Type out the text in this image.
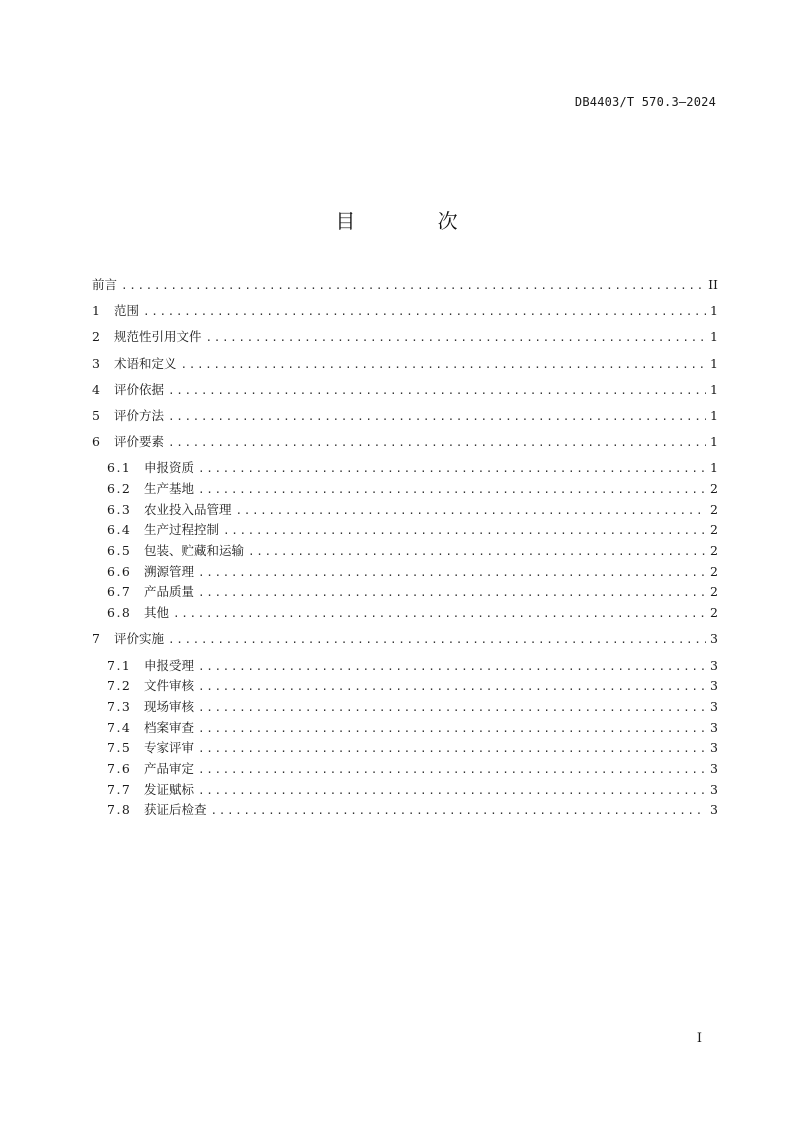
DB4403/T 570.3—2024
目 次
前言 .....	II
1	范围 .....	1
2	规范性引用文件 .....	1
3	术语和定义 .....	1
4	评价依据 .....	1
5	评价方法 .....	1
6	评价要素 .....	1
6.1	申报资质 .....	1
6.2	生产基地 .....	2
6.3	农业投入品管理 .....	2
6.4	生产过程控制 .....	2
6.5	包装、贮藏和运输 .....	2
6.6	溯源管理 .....	2
6.7	产品质量 .....	2
6.8	其他 .....	2
7	评价实施 .....	3
7.1	申报受理 .....	3
7.2	文件审核 .....	3
7.3	现场审核 .....	3
7.4	档案审查 .....	3
7.5	专家评审 .....	3
7.6	产品审定 .....	3
7.7	发证赋标 .....	3
7.8	获证后检查 .....	3
I
